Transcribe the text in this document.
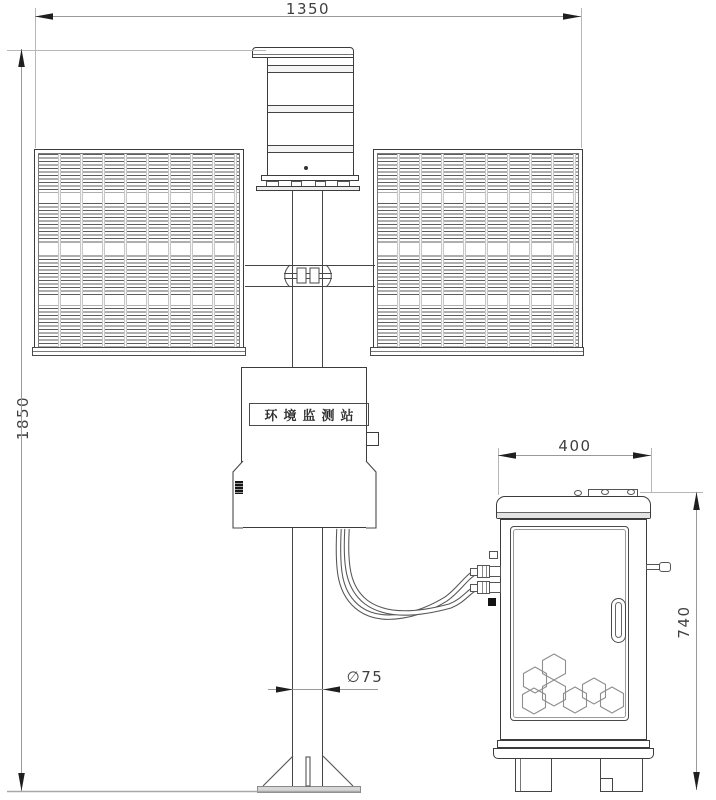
环境监测站
1350
1850
400
740
∅75
